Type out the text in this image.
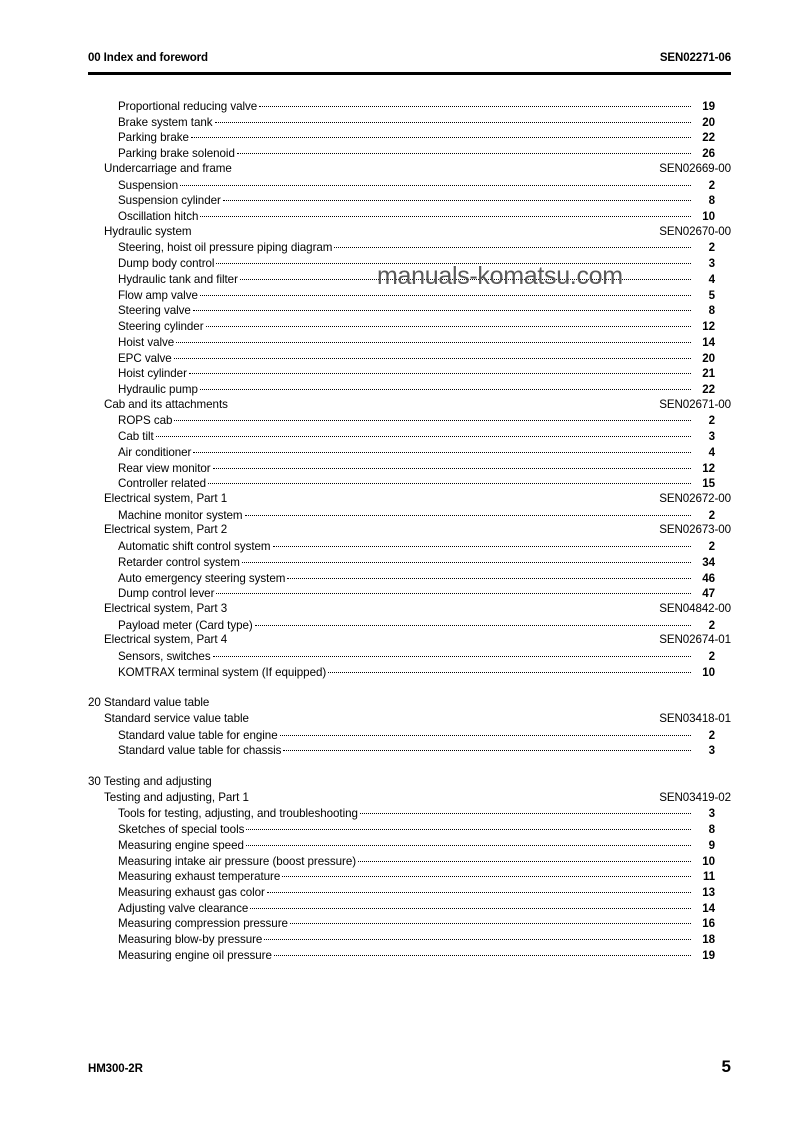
00 Index and foreword	SEN02271-06
Proportional reducing valve	19
Brake system tank	20
Parking brake	22
Parking brake solenoid	26
Undercarriage and frame	SEN02669-00
Suspension	2
Suspension cylinder	8
Oscillation hitch	10
Hydraulic system	SEN02670-00
Steering, hoist oil pressure piping diagram	2
Dump body control	3
Hydraulic tank and filter	4
Flow amp valve	5
Steering valve	8
Steering cylinder	12
Hoist valve	14
EPC valve	20
Hoist cylinder	21
Hydraulic pump	22
Cab and its attachments	SEN02671-00
ROPS cab	2
Cab tilt	3
Air conditioner	4
Rear view monitor	12
Controller related	15
Electrical system, Part 1	SEN02672-00
Machine monitor system	2
Electrical system, Part 2	SEN02673-00
Automatic shift control system	2
Retarder control system	34
Auto emergency steering system	46
Dump control lever	47
Electrical system, Part 3	SEN04842-00
Payload meter (Card type)	2
Electrical system, Part 4	SEN02674-01
Sensors, switches	2
KOMTRAX terminal system (If equipped)	10
20 Standard value table
Standard service value table	SEN03418-01
Standard value table for engine	2
Standard value table for chassis	3
30 Testing and adjusting
Testing and adjusting, Part 1	SEN03419-02
Tools for testing, adjusting, and troubleshooting	3
Sketches of special tools	8
Measuring engine speed	9
Measuring intake air pressure (boost pressure)	10
Measuring exhaust temperature	11
Measuring exhaust gas color	13
Adjusting valve clearance	14
Measuring compression pressure	16
Measuring blow-by pressure	18
Measuring engine oil pressure	19
manuals-komatsu.com
HM300-2R	5
